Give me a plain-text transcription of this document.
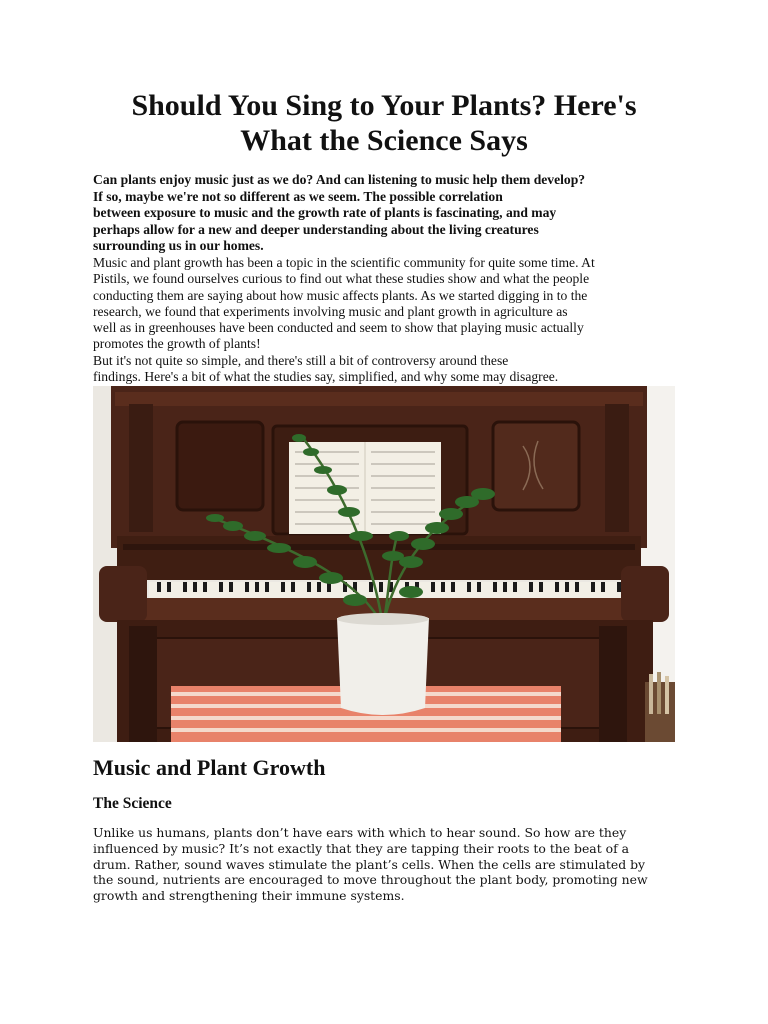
Should You Sing to Your Plants? Here's
What the Science Says

Can plants enjoy music just as we do? And can listening to music help them develop?
If so, maybe we're not so different as we seem. The possible correlation
between exposure to music and the growth rate of plants is fascinating, and may
perhaps allow for a new and deeper understanding about the living creatures
surrounding us in our homes.

Music and plant growth has been a topic in the scientific community for quite some time. At
Pistils, we found ourselves curious to find out what these studies show and what the people
conducting them are saying about how music affects plants. As we started digging in to the
research, we found that experiments involving music and plant growth in agriculture as
well as in greenhouses have been conducted and seem to show that playing music actually
promotes the growth of plants!
But it's not quite so simple, and there's still a bit of controversy around these
findings. Here's a bit of what the studies say, simplified, and why some may disagree.

Music and Plant Growth
The Science

Unlike us humans, plants don’t have ears with which to hear sound. So how are they
influenced by music? It’s not exactly that they are tapping their roots to the beat of a
drum. Rather, sound waves stimulate the plant’s cells. When the cells are stimulated by
the sound, nutrients are encouraged to move throughout the plant body, promoting new
growth and strengthening their immune systems.
